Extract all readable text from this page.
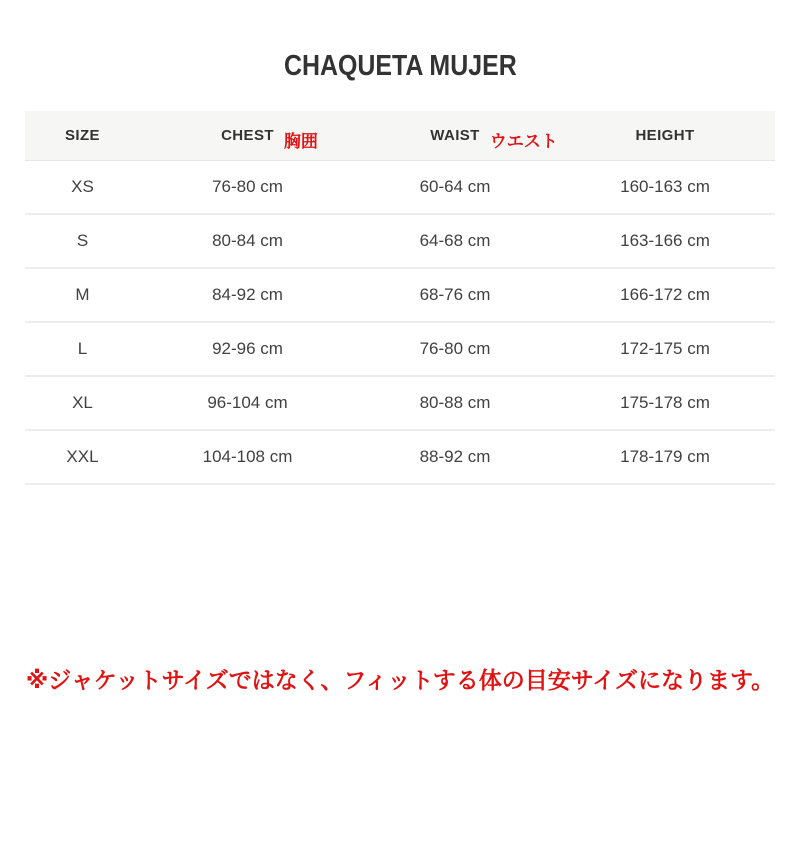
CHAQUETA MUJER
SIZE	CHEST 胸囲	WAIST ウエスト	HEIGHT
XS	76-80 cm	60-64 cm	160-163 cm
S	80-84 cm	64-68 cm	163-166 cm
M	84-92 cm	68-76 cm	166-172 cm
L	92-96 cm	76-80 cm	172-175 cm
XL	96-104 cm	80-88 cm	175-178 cm
XXL	104-108 cm	88-92 cm	178-179 cm

※ジャケットサイズではなく、フィットする体の目安サイズになります。
